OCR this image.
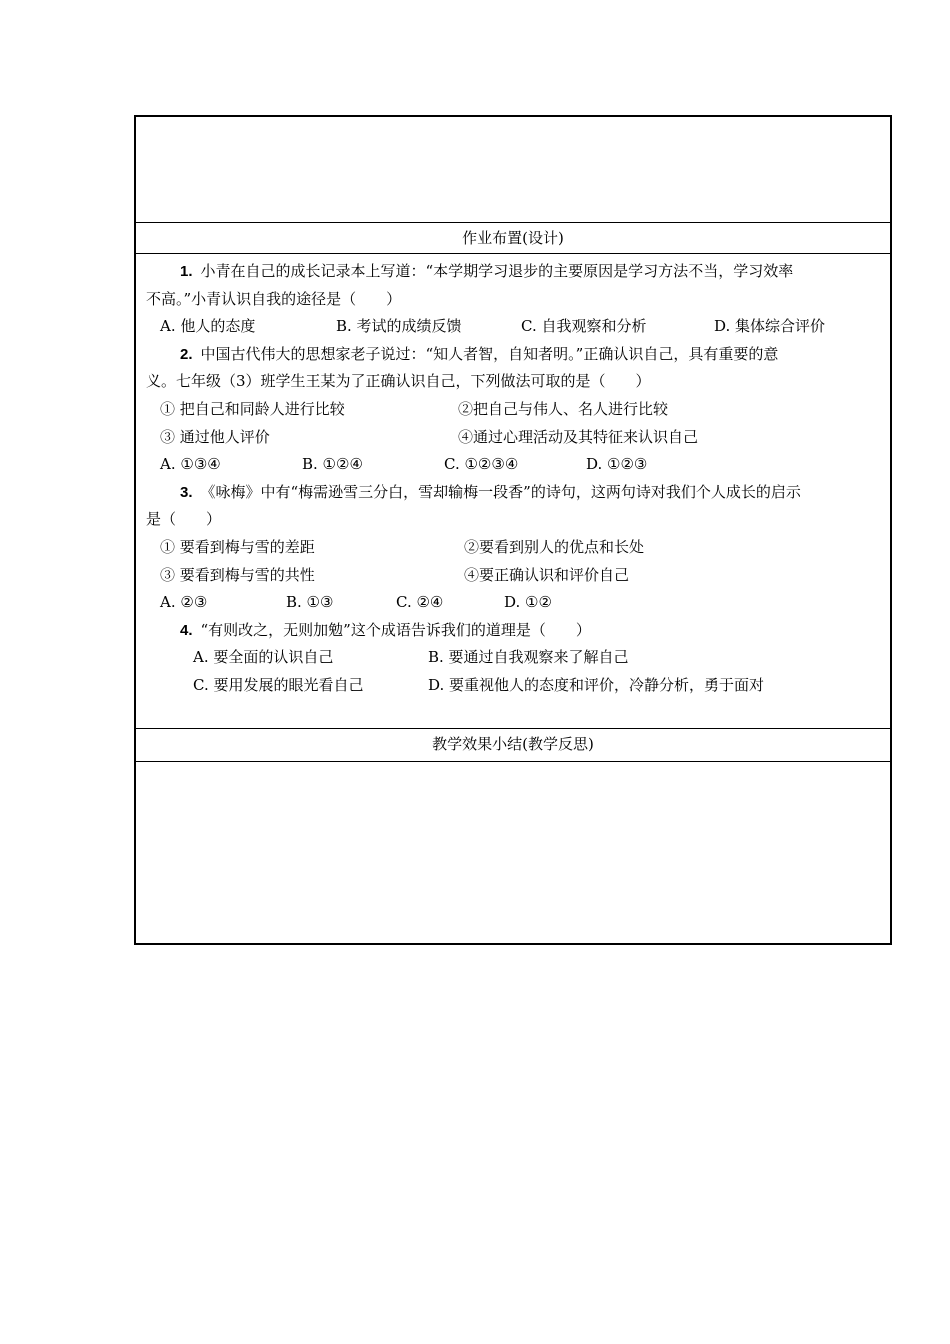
作业布置(设计)
1. 小青在自己的成长记录本上写道：“本学期学习退步的主要原因是学习方法不当，学习效率
不高。”小青认识自我的途径是（　　）
A. 他人的态度	B. 考试的成绩反馈	C. 自我观察和分析	D. 集体综合评价
2. 中国古代伟大的思想家老子说过：“知人者智，自知者明。”正确认识自己，具有重要的意
义。七年级（3）班学生王某为了正确认识自己，下列做法可取的是（　　）
① 把自己和同龄人进行比较	②把自己与伟人、名人进行比较
③ 通过他人评价	④通过心理活动及其特征来认识自己
A. ①③④	B. ①②④	C. ①②③④	D. ①②③
3. 《咏梅》中有“梅需逊雪三分白，雪却输梅一段香”的诗句，这两句诗对我们个人成长的启示
是（　　）
① 要看到梅与雪的差距	②要看到别人的优点和长处
③ 要看到梅与雪的共性	④要正确认识和评价自己
A. ②③	B. ①③	C. ②④	D. ①②
4. “有则改之，无则加勉”这个成语告诉我们的道理是（　　）
A. 要全面的认识自己	B. 要通过自我观察来了解自己
C. 要用发展的眼光看自己	D. 要重视他人的态度和评价，冷静分析，勇于面对
教学效果小结(教学反思)
